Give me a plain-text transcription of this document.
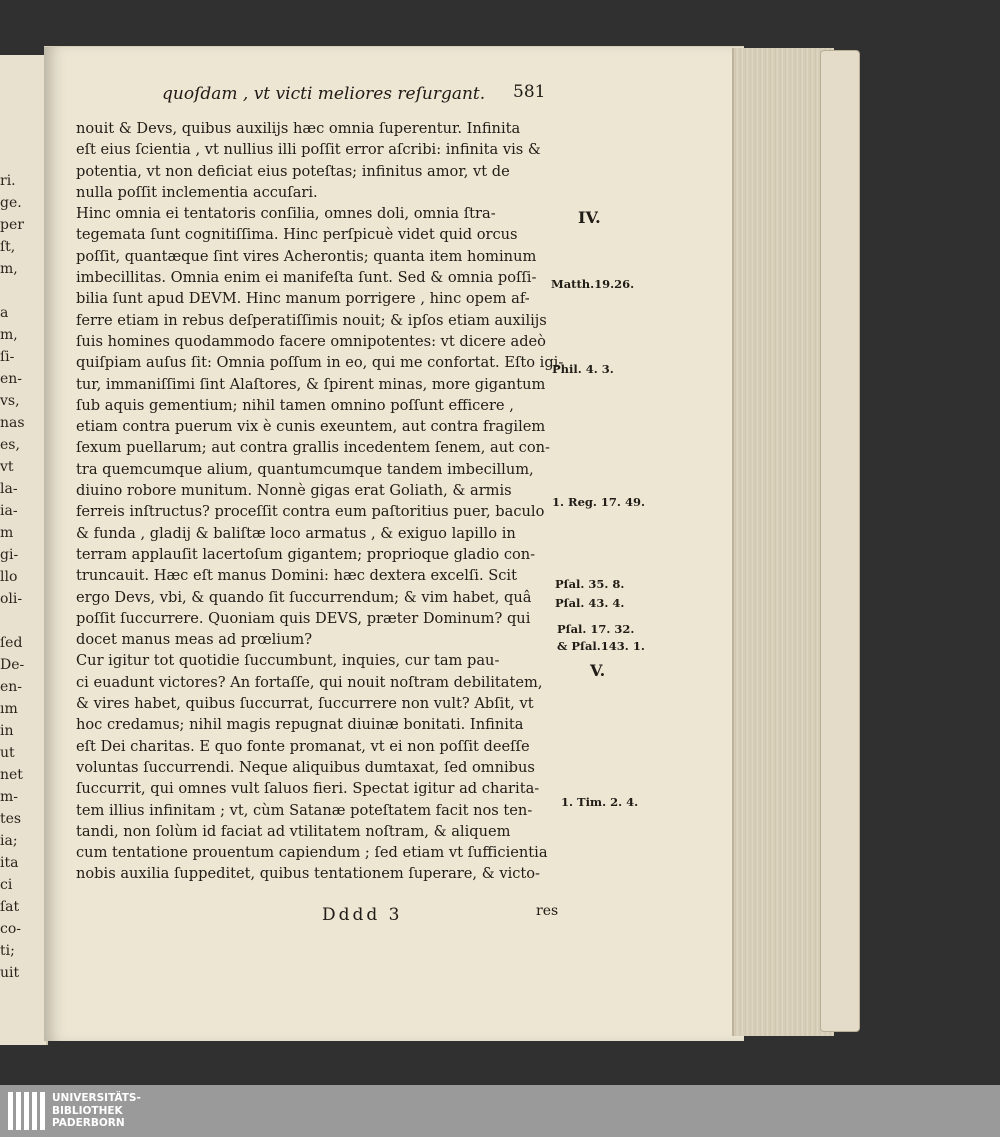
ri.
ge.
per
ſt,
m,

a
m,
ſi-
en-
vs,
nas
es,
vt
la-
ia-
m
gi-
llo
oli-

ſed
De-
en-
ım
in
ut
net
m-
tes
ia;
ita
ci
ſat
co-
ti;
uit
quoſdam , vt victi meliores reſurgant. 581
nouit & Devs, quibus auxilijs hæc omnia ſuperentur. Infinita
eſt eius ſcientia , vt nullius illi poſſit error aſcribi: infinita vis &
potentia, vt non deficiat eius poteſtas; infinitus amor, vt de
nulla poſſit inclementia accuſari.
Hinc omnia ei tentatoris conſilia, omnes doli, omnia ſtra-
tegemata ſunt cognitiſſima. Hinc perſpicuè videt quid orcus
poſſit, quantæque ſint vires Acherontis; quanta item hominum
imbecillitas. Omnia enim ei manifeſta ſunt. Sed & omnia poſſi-
bilia ſunt apud DEVM. Hinc manum porrigere , hinc opem af-
ferre etiam in rebus deſperatiſſimis nouit; & ipſos etiam auxilijs
ſuis homines quodammodo facere omnipotentes: vt dicere adeò
quiſpiam auſus ſit: Omnia poſſum in eo, qui me confortat. Eſto igi-
tur, immaniſſimi ſint Alaſtores, & ſpirent minas, more gigantum
ſub aquis gementium; nihil tamen omnino poſſunt efficere ,
etiam contra puerum vix è cunis exeuntem, aut contra fragilem
ſexum puellarum; aut contra grallis incedentem ſenem, aut con-
tra quemcumque alium, quantumcumque tandem imbecillum,
diuino robore munitum. Nonnè gigas erat Goliath, & armis
ferreis inſtructus? proceſſit contra eum paſtoritius puer, baculo
& funda , gladij & baliſtæ loco armatus , & exiguo lapillo in
terram applauſit lacertoſum gigantem; proprioque gladio con-
truncauit. Hæc eſt manus Domini: hæc dextera excelſi. Scit
ergo Devs, vbi, & quando ſit ſuccurrendum; & vim habet, quâ
poſſit ſuccurrere. Quoniam quis DEVS, præter Dominum? qui
docet manus meas ad prœlium?
Cur igitur tot quotidie ſuccumbunt, inquies, cur tam pau-
ci euadunt victores? An fortaſſe, qui nouit noſtram debilitatem,
& vires habet, quibus ſuccurrat, ſuccurrere non vult? Abſit, vt
hoc credamus; nihil magis repugnat diuinæ bonitati. Infinita
eſt Dei charitas. E quo fonte promanat, vt ei non poſſit deeſſe
voluntas ſuccurrendi. Neque aliquibus dumtaxat, ſed omnibus
ſuccurrit, qui omnes vult ſaluos fieri. Spectat igitur ad charita-
tem illius infinitam ; vt, cùm Satanæ poteſtatem facit nos ten-
tandi, non ſolùm id faciat ad vtilitatem noſtram, & aliquem
cum tentatione prouentum capiendum ; ſed etiam vt ſufficientia
nobis auxilia ſuppeditet, quibus tentationem ſuperare, & victo-
IV.
V.
Matth.19.26.
Phil. 4. 3.
1. Reg. 17. 49.
Pſal. 35. 8.
Pſal. 43. 4.
Pſal. 17. 32.
& Pſal.143. 1.
1. Tim. 2. 4.
Dddd 3	res
UNIVERSITÄTS-
BIBLIOTHEK
PADERBORN
